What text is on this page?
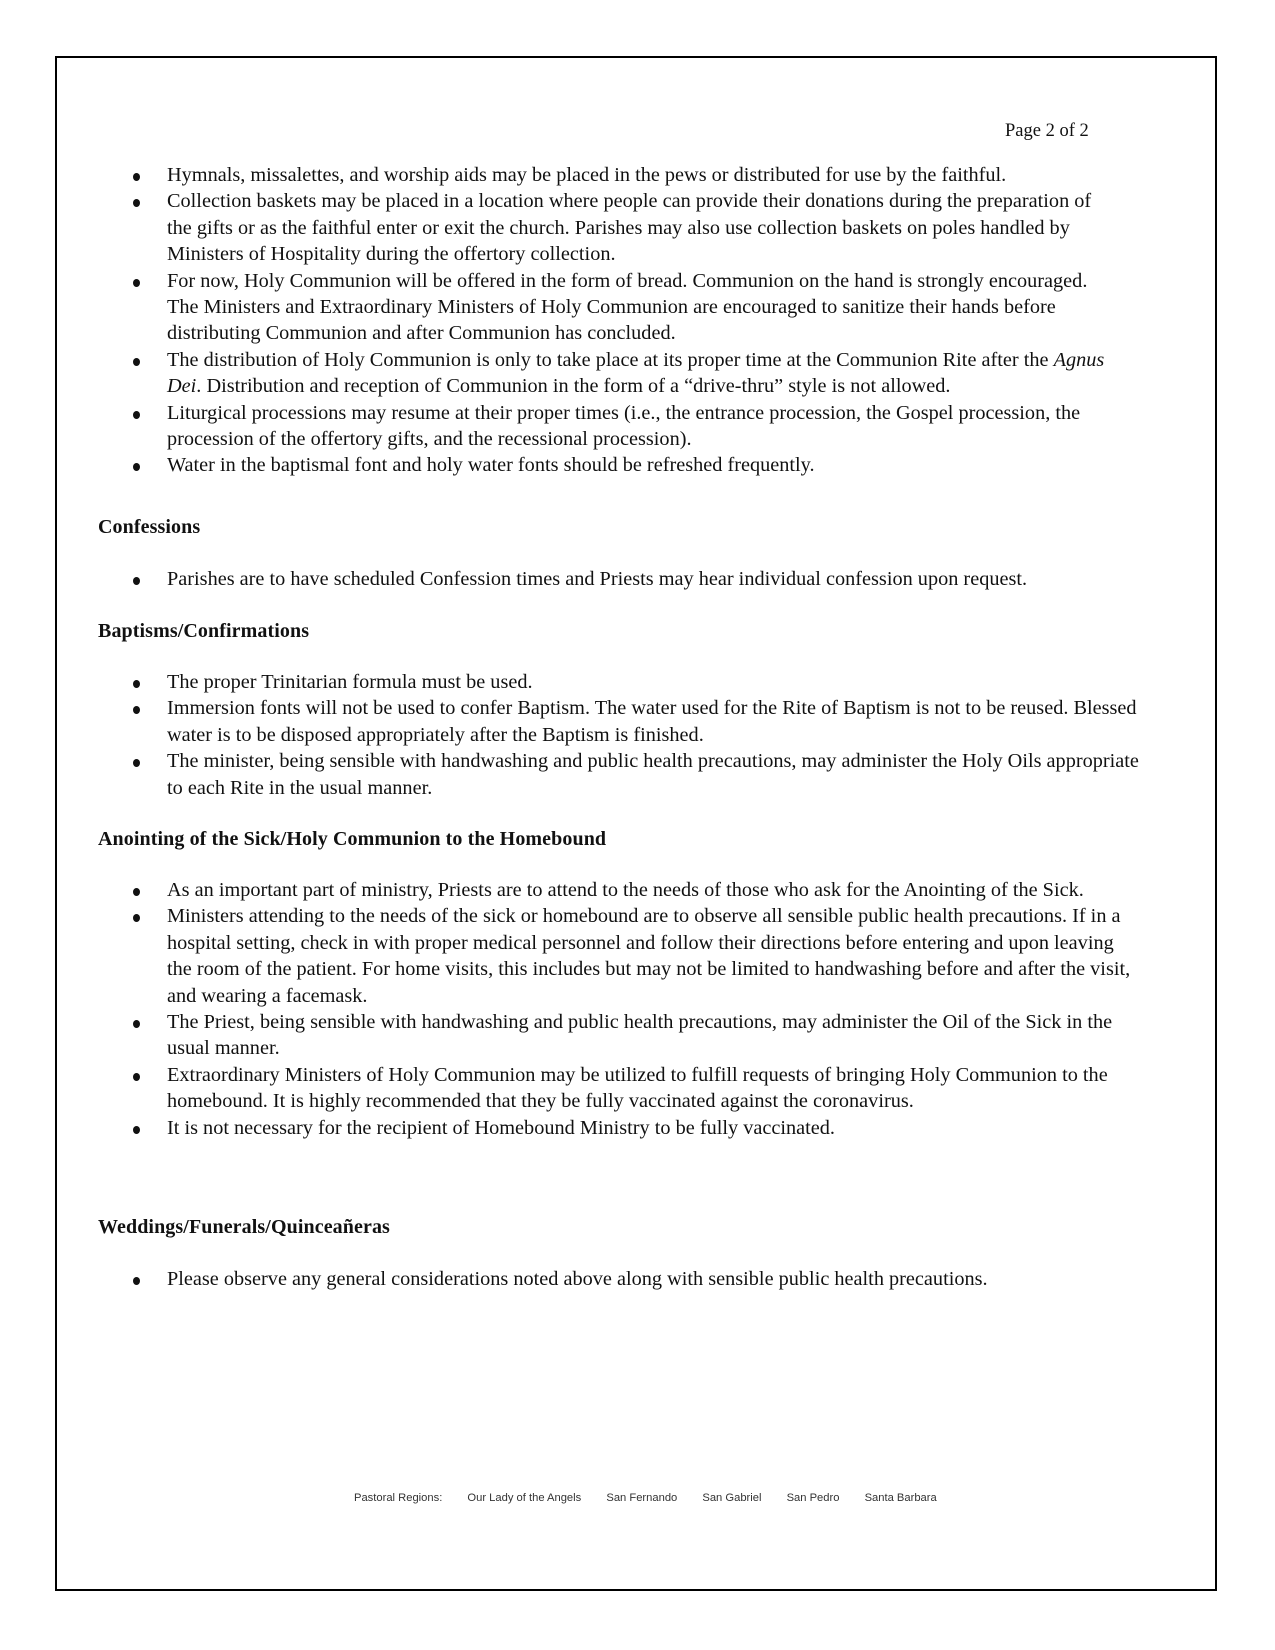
Page 2 of 2
Hymnals, missalettes, and worship aids may be placed in the pews or distributed for use by the faithful.
Collection baskets may be placed in a location where people can provide their donations during the preparation of the gifts or as the faithful enter or exit the church. Parishes may also use collection baskets on poles handled by Ministers of Hospitality during the offertory collection.
For now, Holy Communion will be offered in the form of bread. Communion on the hand is strongly encouraged. The Ministers and Extraordinary Ministers of Holy Communion are encouraged to sanitize their hands before distributing Communion and after Communion has concluded.
The distribution of Holy Communion is only to take place at its proper time at the Communion Rite after the Agnus Dei. Distribution and reception of Communion in the form of a “drive-thru” style is not allowed.
Liturgical processions may resume at their proper times (i.e., the entrance procession, the Gospel procession, the procession of the offertory gifts, and the recessional procession).
Water in the baptismal font and holy water fonts should be refreshed frequently.
Confessions
Parishes are to have scheduled Confession times and Priests may hear individual confession upon request.
Baptisms/Confirmations
The proper Trinitarian formula must be used.
Immersion fonts will not be used to confer Baptism. The water used for the Rite of Baptism is not to be reused. Blessed water is to be disposed appropriately after the Baptism is finished.
The minister, being sensible with handwashing and public health precautions, may administer the Holy Oils appropriate to each Rite in the usual manner.
Anointing of the Sick/Holy Communion to the Homebound
As an important part of ministry, Priests are to attend to the needs of those who ask for the Anointing of the Sick.
Ministers attending to the needs of the sick or homebound are to observe all sensible public health precautions. If in a hospital setting, check in with proper medical personnel and follow their directions before entering and upon leaving the room of the patient. For home visits, this includes but may not be limited to handwashing before and after the visit, and wearing a facemask.
The Priest, being sensible with handwashing and public health precautions, may administer the Oil of the Sick in the usual manner.
Extraordinary Ministers of Holy Communion may be utilized to fulfill requests of bringing Holy Communion to the homebound. It is highly recommended that they be fully vaccinated against the coronavirus.
It is not necessary for the recipient of Homebound Ministry to be fully vaccinated.
Weddings/Funerals/Quinceañeras
Please observe any general considerations noted above along with sensible public health precautions.
Pastoral Regions: Our Lady of the Angels San Fernando San Gabriel San Pedro Santa Barbara
